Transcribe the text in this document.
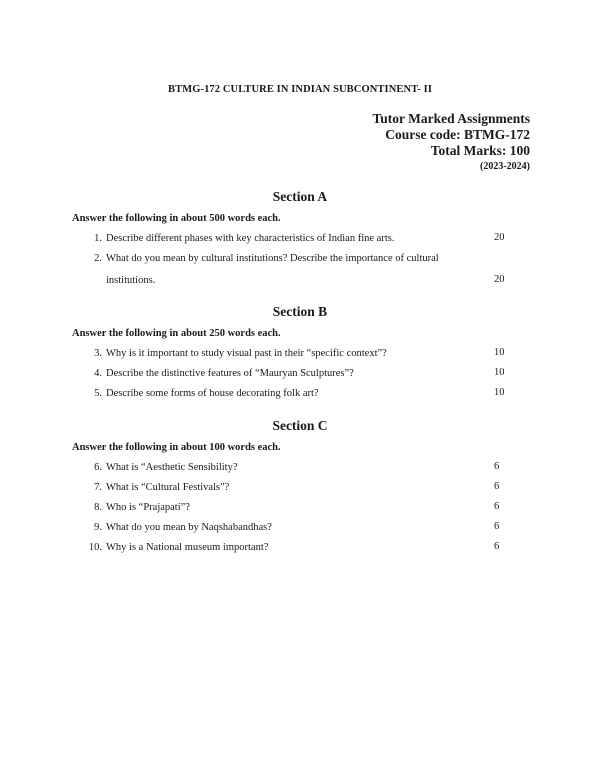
BTMG-172 CULTURE IN INDIAN SUBCONTINENT- II
Tutor Marked Assignments
Course code: BTMG-172
Total Marks: 100
(2023-2024)
Section A
Answer the following in about 500 words each.
1. Describe different phases with key characteristics of Indian fine arts.	20
2. What do you mean by cultural institutions? Describe the importance of cultural
institutions.	20
Section B
Answer the following in about 250 words each.
3. Why is it important to study visual past in their “specific context”?	10
4. Describe the distinctive features of “Mauryan Sculptures”?	10
5. Describe some forms of house decorating folk art?	10
Section C
Answer the following in about 100 words each.
6. What is “Aesthetic Sensibility?	6
7. What is “Cultural Festivals”?	6
8. Who is “Prajapati”?	6
9. What do you mean by Naqshabandhas?	6
10. Why is a National museum important?	6
